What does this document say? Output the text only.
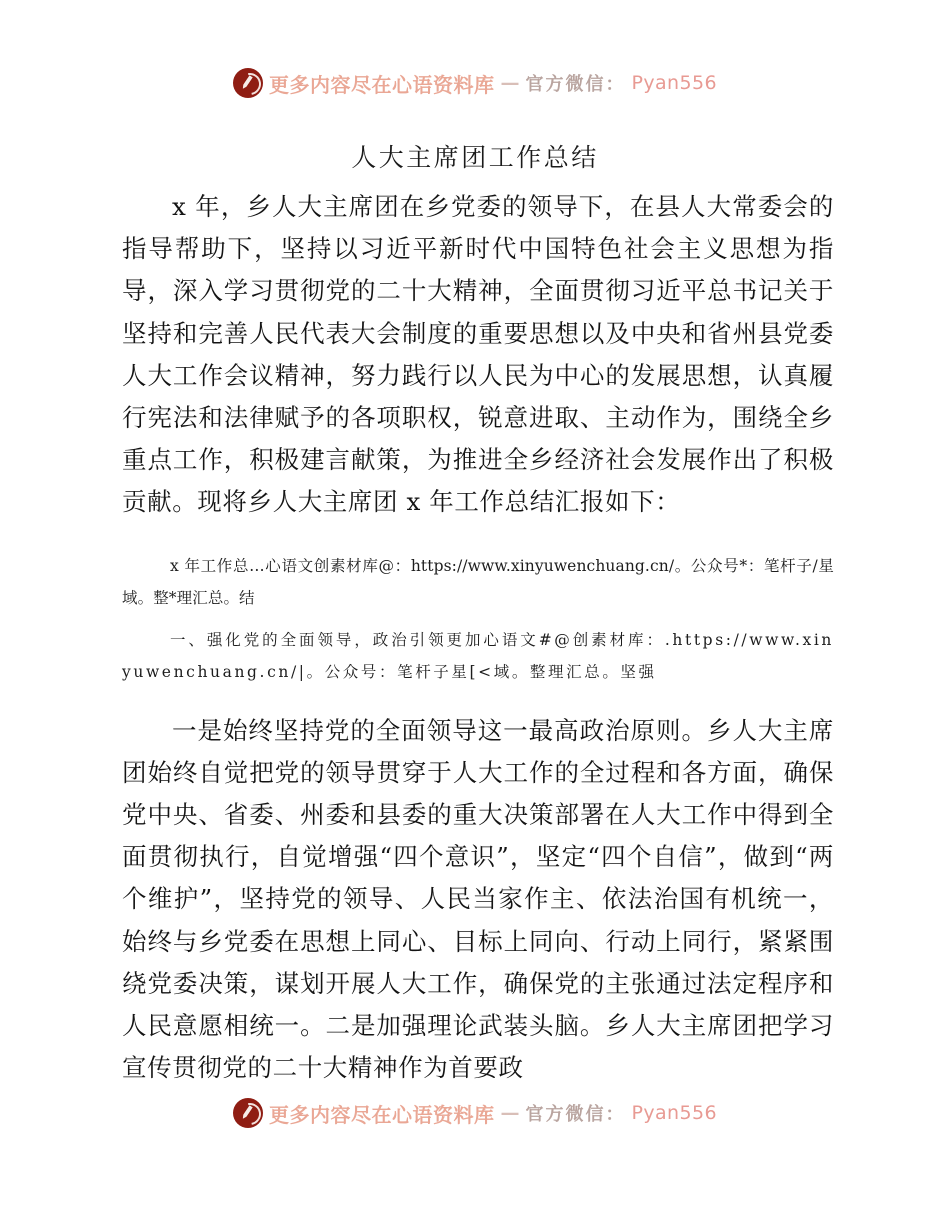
更多内容尽在心语资料库 — 官方微信： Pyan556
人大主席团工作总结

x 年，乡人大主席团在乡党委的领导下，在县人大常委会的指导帮助下，坚持以习近平新时代中国特色社会主义思想为指导，深入学习贯彻党的二十大精神，全面贯彻习近平总书记关于坚持和完善人民代表大会制度的重要思想以及中央和省州县党委人大工作会议精神，努力践行以人民为中心的发展思想，认真履行宪法和法律赋予的各项职权，锐意进取、主动作为，围绕全乡重点工作，积极建言献策，为推进全乡经济社会发展作出了积极贡献。现将乡人大主席团 x 年工作总结汇报如下：

x 年工作总…心语文创素材库@：https://www.xinyuwenchuang.cn/。公众号*：笔杆子/星域。整*理汇总。结

一、强化党的全面领导，政治引领更加心语文#@创素材库：.https://www.xinyuwenchuang.cn/|。公众号：笔杆子星[<域。整理汇总。坚强

一是始终坚持党的全面领导这一最高政治原则。乡人大主席团始终自觉把党的领导贯穿于人大工作的全过程和各方面，确保党中央、省委、州委和县委的重大决策部署在人大工作中得到全面贯彻执行，自觉增强“四个意识”，坚定“四个自信”，做到“两个维护”，坚持党的领导、人民当家作主、依法治国有机统一，始终与乡党委在思想上同心、目标上同向、行动上同行，紧紧围绕党委决策，谋划开展人大工作，确保党的主张通过法定程序和人民意愿相统一。二是加强理论武装头脑。乡人大主席团把学习宣传贯彻党的二十大精神作为首要政

更多内容尽在心语资料库 — 官方微信： Pyan556
